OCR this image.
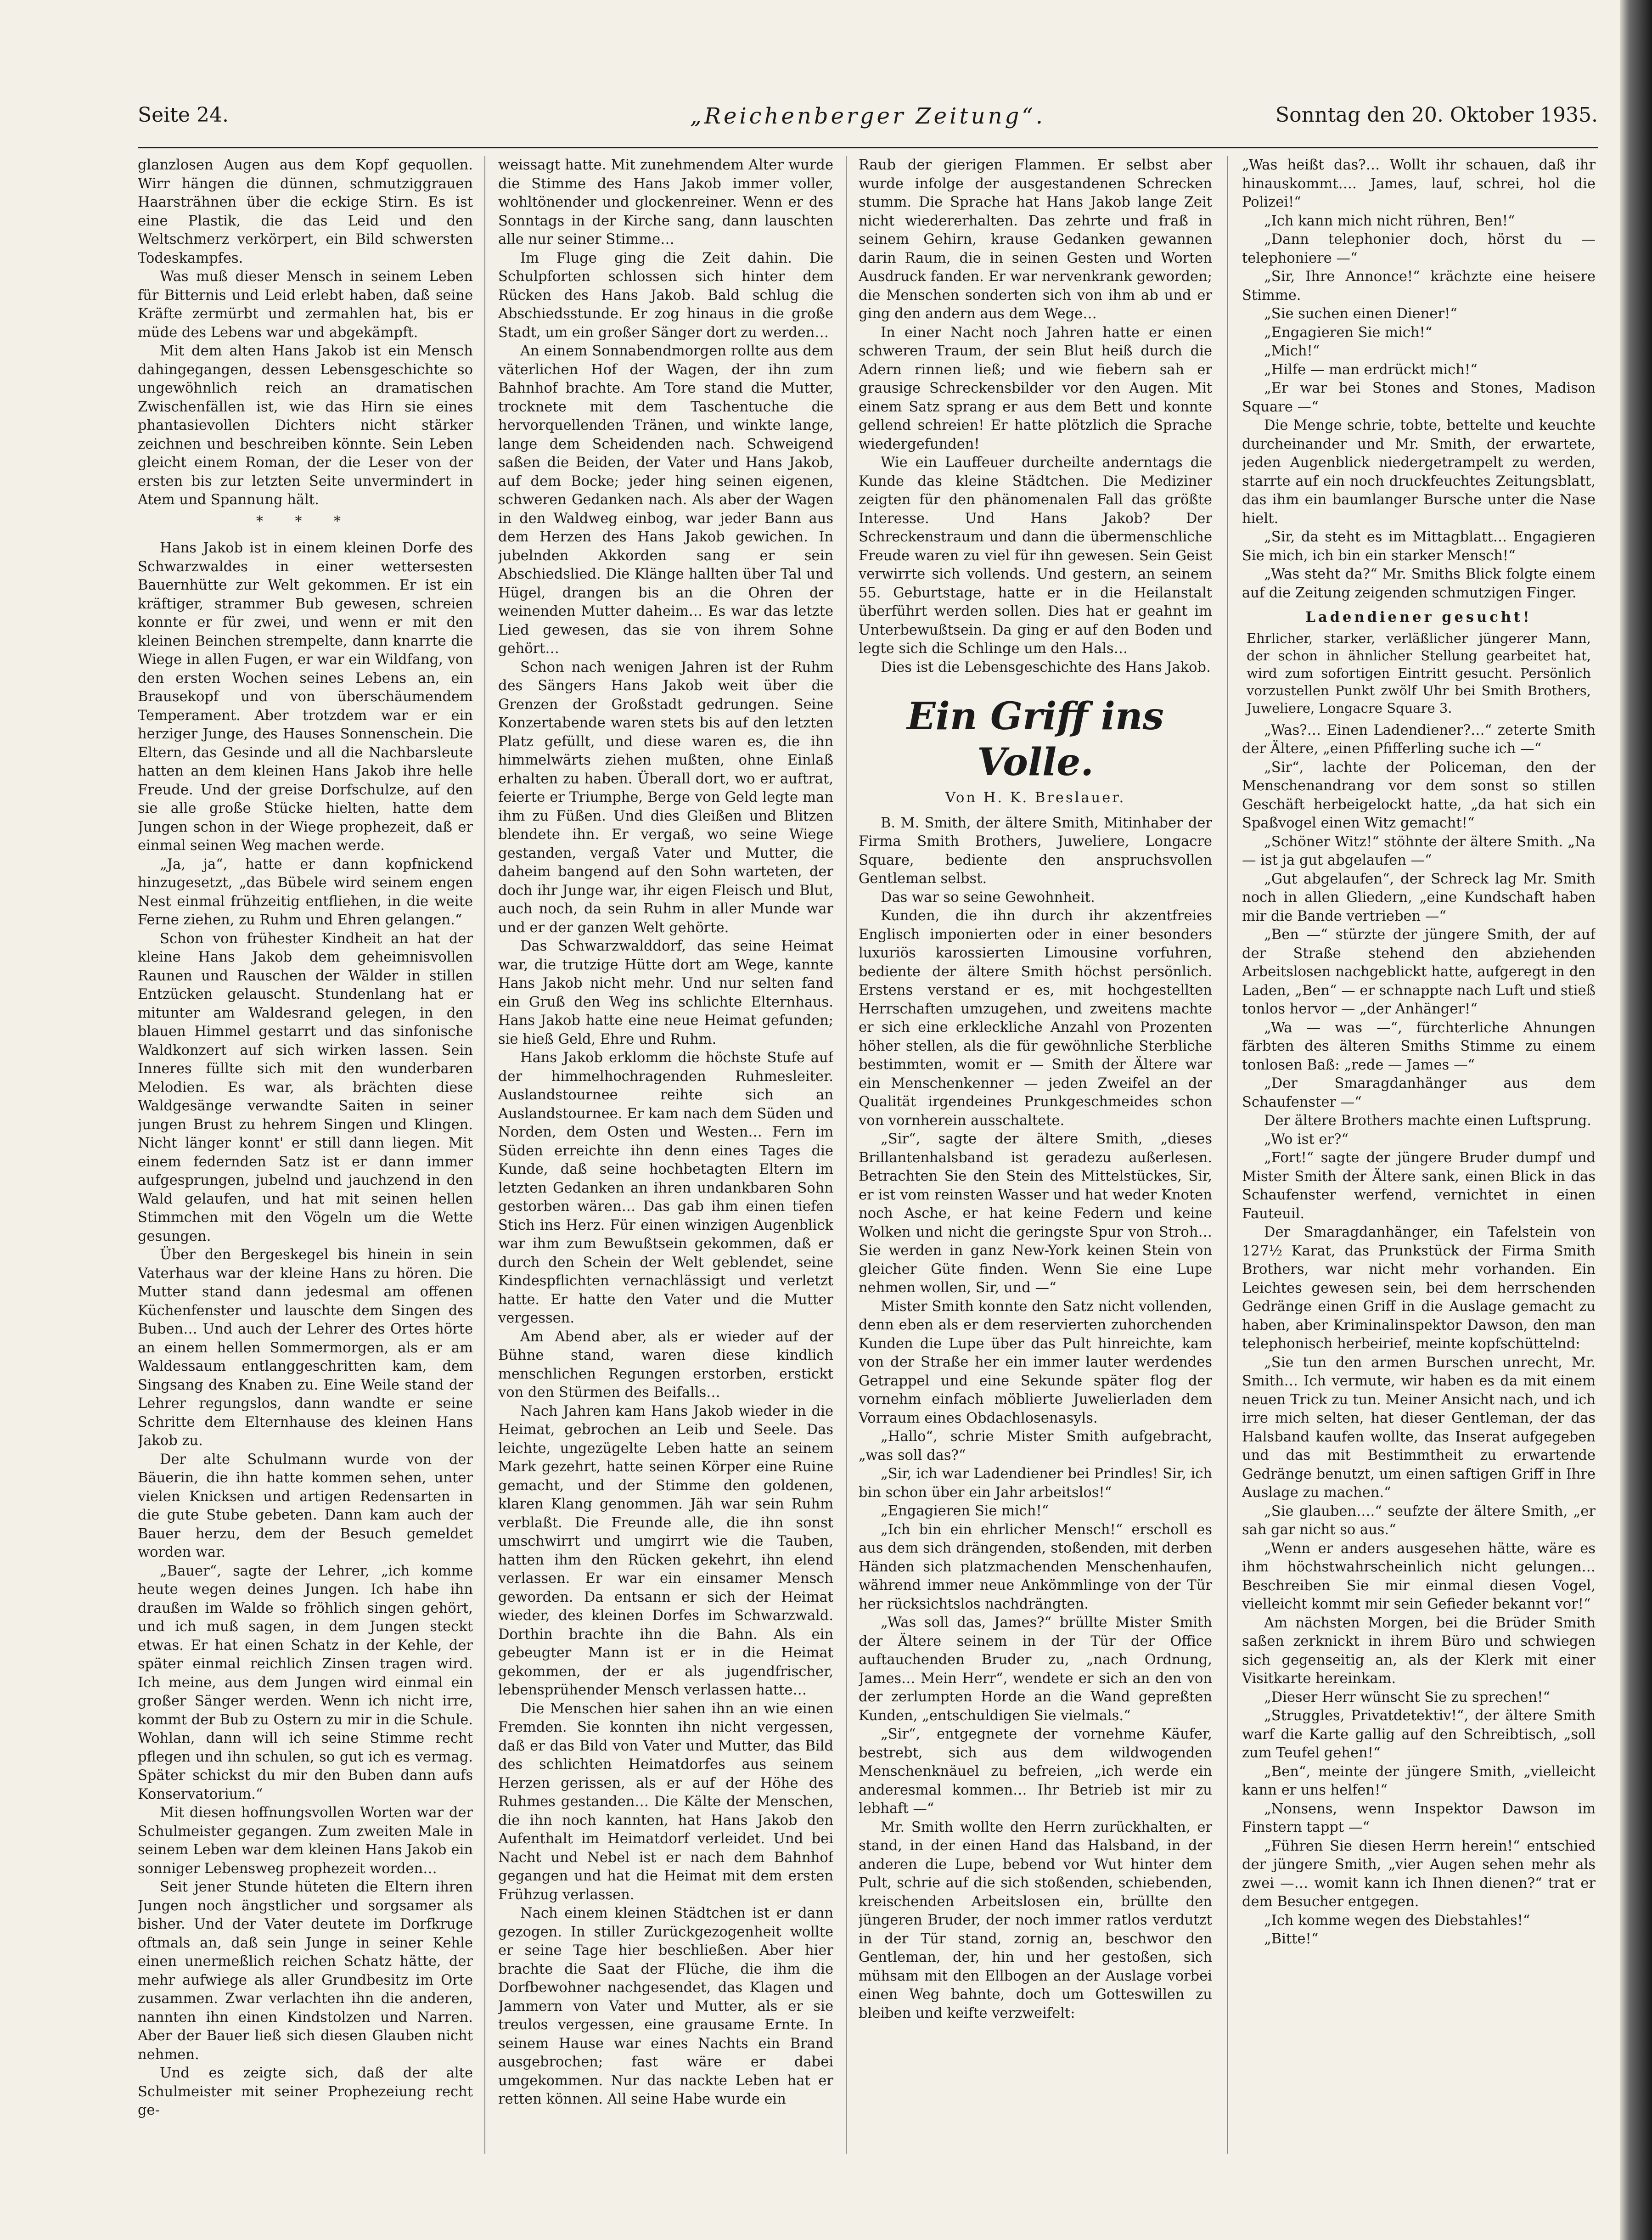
Seite 24.	„Reichenberger Zeitung“.	Sonntag den 20. Oktober 1935.

glanzlosen Augen aus dem Kopf gequollen. Wirr hängen die dünnen, schmutziggrauen Haarsträhnen über die eckige Stirn. Es ist eine Plastik, die das Leid und den Weltschmerz verkörpert, ein Bild schwersten Todeskampfes.

Was muß dieser Mensch in seinem Leben für Bitternis und Leid erlebt haben, daß seine Kräfte zermürbt und zermahlen hat, bis er müde des Lebens war und abgekämpft.

Mit dem alten Hans Jakob ist ein Mensch dahingegangen, dessen Lebensgeschichte so ungewöhnlich reich an dramatischen Zwischenfällen ist, wie das Hirn sie eines phantasievollen Dichters nicht stärker zeichnen und beschreiben könnte. Sein Leben gleicht einem Roman, der die Leser von der ersten bis zur letzten Seite unvermindert in Atem und Spannung hält.

* * *

Hans Jakob ist in einem kleinen Dorfe des Schwarzwaldes in einer wettersesten Bauernhütte zur Welt gekommen. Er ist ein kräftiger, strammer Bub gewesen, schreien konnte er für zwei, und wenn er mit den kleinen Beinchen strempelte, dann knarrte die Wiege in allen Fugen, er war ein Wildfang, von den ersten Wochen seines Lebens an, ein Brausekopf und von überschäumendem Temperament. Aber trotzdem war er ein herziger Junge, des Hauses Sonnenschein. Die Eltern, das Gesinde und all die Nachbarsleute hatten an dem kleinen Hans Jakob ihre helle Freude. Und der greise Dorfschulze, auf den sie alle große Stücke hielten, hatte dem Jungen schon in der Wiege prophezeit, daß er einmal seinen Weg machen werde.

„Ja, ja“, hatte er dann kopfnickend hinzugesetzt, „das Bübele wird seinem engen Nest einmal frühzeitig entfliehen, in die weite Ferne ziehen, zu Ruhm und Ehren gelangen.“

Schon von frühester Kindheit an hat der kleine Hans Jakob dem geheimnisvollen Raunen und Rauschen der Wälder in stillen Entzücken gelauscht. Stundenlang hat er mitunter am Waldesrand gelegen, in den blauen Himmel gestarrt und das sinfonische Waldkonzert auf sich wirken lassen. Sein Inneres füllte sich mit den wunderbaren Melodien. Es war, als brächten diese Waldgesänge verwandte Saiten in seiner jungen Brust zu hehrem Singen und Klingen. Nicht länger konnt' er still dann liegen. Mit einem federnden Satz ist er dann immer aufgesprungen, jubelnd und jauchzend in den Wald gelaufen, und hat mit seinen hellen Stimmchen mit den Vögeln um die Wette gesungen.

Über den Bergeskegel bis hinein in sein Vaterhaus war der kleine Hans zu hören. Die Mutter stand dann jedesmal am offenen Küchenfenster und lauschte dem Singen des Buben… Und auch der Lehrer des Ortes hörte an einem hellen Sommermorgen, als er am Waldessaum entlanggeschritten kam, dem Singsang des Knaben zu. Eine Weile stand der Lehrer regungslos, dann wandte er seine Schritte dem Elternhause des kleinen Hans Jakob zu.

Der alte Schulmann wurde von der Bäuerin, die ihn hatte kommen sehen, unter vielen Knicksen und artigen Redensarten in die gute Stube gebeten. Dann kam auch der Bauer herzu, dem der Besuch gemeldet worden war.

„Bauer“, sagte der Lehrer, „ich komme heute wegen deines Jungen. Ich habe ihn draußen im Walde so fröhlich singen gehört, und ich muß sagen, in dem Jungen steckt etwas. Er hat einen Schatz in der Kehle, der später einmal reichlich Zinsen tragen wird. Ich meine, aus dem Jungen wird einmal ein großer Sänger werden. Wenn ich nicht irre, kommt der Bub zu Ostern zu mir in die Schule. Wohlan, dann will ich seine Stimme recht pflegen und ihn schulen, so gut ich es vermag. Später schickst du mir den Buben dann aufs Konservatorium.“

Mit diesen hoffnungsvollen Worten war der Schulmeister gegangen. Zum zweiten Male in seinem Leben war dem kleinen Hans Jakob ein sonniger Lebensweg prophezeit worden…

Seit jener Stunde hüteten die Eltern ihren Jungen noch ängstlicher und sorgsamer als bisher. Und der Vater deutete im Dorfkruge oftmals an, daß sein Junge in seiner Kehle einen unermeßlich reichen Schatz hätte, der mehr aufwiege als aller Grundbesitz im Orte zusammen. Zwar verlachten ihn die anderen, nannten ihn einen Kindstolzen und Narren. Aber der Bauer ließ sich diesen Glauben nicht nehmen.

Und es zeigte sich, daß der alte Schulmeister mit seiner Prophezeiung recht ge-

weissagt hatte. Mit zunehmendem Alter wurde die Stimme des Hans Jakob immer voller, wohltönender und glockenreiner. Wenn er des Sonntags in der Kirche sang, dann lauschten alle nur seiner Stimme…

Im Fluge ging die Zeit dahin. Die Schulpforten schlossen sich hinter dem Rücken des Hans Jakob. Bald schlug die Abschiedsstunde. Er zog hinaus in die große Stadt, um ein großer Sänger dort zu werden…

An einem Sonnabendmorgen rollte aus dem väterlichen Hof der Wagen, der ihn zum Bahnhof brachte. Am Tore stand die Mutter, trocknete mit dem Taschentuche die hervorquellenden Tränen, und winkte lange, lange dem Scheidenden nach. Schweigend saßen die Beiden, der Vater und Hans Jakob, auf dem Bocke; jeder hing seinen eigenen, schweren Gedanken nach. Als aber der Wagen in den Waldweg einbog, war jeder Bann aus dem Herzen des Hans Jakob gewichen. In jubelnden Akkorden sang er sein Abschiedslied. Die Klänge hallten über Tal und Hügel, drangen bis an die Ohren der weinenden Mutter daheim… Es war das letzte Lied gewesen, das sie von ihrem Sohne gehört…

Schon nach wenigen Jahren ist der Ruhm des Sängers Hans Jakob weit über die Grenzen der Großstadt gedrungen. Seine Konzertabende waren stets bis auf den letzten Platz gefüllt, und diese waren es, die ihn himmelwärts ziehen mußten, ohne Einlaß erhalten zu haben. Überall dort, wo er auftrat, feierte er Triumphe, Berge von Geld legte man ihm zu Füßen. Und dies Gleißen und Blitzen blendete ihn. Er vergaß, wo seine Wiege gestanden, vergaß Vater und Mutter, die daheim bangend auf den Sohn warteten, der doch ihr Junge war, ihr eigen Fleisch und Blut, auch noch, da sein Ruhm in aller Munde war und er der ganzen Welt gehörte.

Das Schwarzwalddorf, das seine Heimat war, die trutzige Hütte dort am Wege, kannte Hans Jakob nicht mehr. Und nur selten fand ein Gruß den Weg ins schlichte Elternhaus. Hans Jakob hatte eine neue Heimat gefunden; sie hieß Geld, Ehre und Ruhm.

Hans Jakob erklomm die höchste Stufe auf der himmelhochragenden Ruhmesleiter. Auslandstournee reihte sich an Auslandstournee. Er kam nach dem Süden und Norden, dem Osten und Westen… Fern im Süden erreichte ihn denn eines Tages die Kunde, daß seine hochbetagten Eltern im letzten Gedanken an ihren undankbaren Sohn gestorben wären… Das gab ihm einen tiefen Stich ins Herz. Für einen winzigen Augenblick war ihm zum Bewußtsein gekommen, daß er durch den Schein der Welt geblendet, seine Kindespflichten vernachlässigt und verletzt hatte. Er hatte den Vater und die Mutter vergessen.

Am Abend aber, als er wieder auf der Bühne stand, waren diese kindlich menschlichen Regungen erstorben, erstickt von den Stürmen des Beifalls…

Nach Jahren kam Hans Jakob wieder in die Heimat, gebrochen an Leib und Seele. Das leichte, ungezügelte Leben hatte an seinem Mark gezehrt, hatte seinen Körper eine Ruine gemacht, und der Stimme den goldenen, klaren Klang genommen. Jäh war sein Ruhm verblaßt. Die Freunde alle, die ihn sonst umschwirrt und umgirrt wie die Tauben, hatten ihm den Rücken gekehrt, ihn elend verlassen. Er war ein einsamer Mensch geworden. Da entsann er sich der Heimat wieder, des kleinen Dorfes im Schwarzwald. Dorthin brachte ihn die Bahn. Als ein gebeugter Mann ist er in die Heimat gekommen, der er als jugendfrischer, lebensprühender Mensch verlassen hatte…

Die Menschen hier sahen ihn an wie einen Fremden. Sie konnten ihn nicht vergessen, daß er das Bild von Vater und Mutter, das Bild des schlichten Heimatdorfes aus seinem Herzen gerissen, als er auf der Höhe des Ruhmes gestanden… Die Kälte der Menschen, die ihn noch kannten, hat Hans Jakob den Aufenthalt im Heimatdorf verleidet. Und bei Nacht und Nebel ist er nach dem Bahnhof gegangen und hat die Heimat mit dem ersten Frühzug verlassen.

Nach einem kleinen Städtchen ist er dann gezogen. In stiller Zurückgezogenheit wollte er seine Tage hier beschließen. Aber hier brachte die Saat der Flüche, die ihm die Dorfbewohner nachgesendet, das Klagen und Jammern von Vater und Mutter, als er sie treulos vergessen, eine grausame Ernte. In seinem Hause war eines Nachts ein Brand ausgebrochen; fast wäre er dabei umgekommen. Nur das nackte Leben hat er retten können. All seine Habe wurde ein

Raub der gierigen Flammen. Er selbst aber wurde infolge der ausgestandenen Schrecken stumm. Die Sprache hat Hans Jakob lange Zeit nicht wiedererhalten. Das zehrte und fraß in seinem Gehirn, krause Gedanken gewannen darin Raum, die in seinen Gesten und Worten Ausdruck fanden. Er war nervenkrank geworden; die Menschen sonderten sich von ihm ab und er ging den andern aus dem Wege…

In einer Nacht noch Jahren hatte er einen schweren Traum, der sein Blut heiß durch die Adern rinnen ließ; und wie fiebern sah er grausige Schreckensbilder vor den Augen. Mit einem Satz sprang er aus dem Bett und konnte gellend schreien! Er hatte plötzlich die Sprache wiedergefunden!

Wie ein Lauffeuer durcheilte anderntags die Kunde das kleine Städtchen. Die Mediziner zeigten für den phänomenalen Fall das größte Interesse. Und Hans Jakob? Der Schreckenstraum und dann die übermenschliche Freude waren zu viel für ihn gewesen. Sein Geist verwirrte sich vollends. Und gestern, an seinem 55. Geburtstage, hatte er in die Heilanstalt überführt werden sollen. Dies hat er geahnt im Unterbewußtsein. Da ging er auf den Boden und legte sich die Schlinge um den Hals…

Dies ist die Lebensgeschichte des Hans Jakob.

Ein Griff ins Volle.
Von H. K. Breslauer.

B. M. Smith, der ältere Smith, Mitinhaber der Firma Smith Brothers, Juweliere, Longacre Square, bediente den anspruchsvollen Gentleman selbst.

Das war so seine Gewohnheit.

Kunden, die ihn durch ihr akzentfreies Englisch imponierten oder in einer besonders luxuriös karossierten Limousine vorfuhren, bediente der ältere Smith höchst persönlich. Erstens verstand er es, mit hochgestellten Herrschaften umzugehen, und zweitens machte er sich eine erkleckliche Anzahl von Prozenten höher stellen, als die für gewöhnliche Sterbliche bestimmten, womit er — Smith der Ältere war ein Menschenkenner — jeden Zweifel an der Qualität irgendeines Prunkgeschmeides schon von vornherein ausschaltete.

„Sir“, sagte der ältere Smith, „dieses Brillantenhalsband ist geradezu außerlesen. Betrachten Sie den Stein des Mittelstückes, Sir, er ist vom reinsten Wasser und hat weder Knoten noch Asche, er hat keine Federn und keine Wolken und nicht die geringste Spur von Stroh… Sie werden in ganz New-York keinen Stein von gleicher Güte finden. Wenn Sie eine Lupe nehmen wollen, Sir, und —“

Mister Smith konnte den Satz nicht vollenden, denn eben als er dem reservierten zuhorchenden Kunden die Lupe über das Pult hinreichte, kam von der Straße her ein immer lauter werdendes Getrappel und eine Sekunde später flog der vornehm einfach möblierte Juwelierladen dem Vorraum eines Obdachlosenasyls.

„Hallo“, schrie Mister Smith aufgebracht, „was soll das?“

„Sir, ich war Ladendiener bei Prindles! Sir, ich bin schon über ein Jahr arbeitslos!“

„Engagieren Sie mich!“

„Ich bin ein ehrlicher Mensch!“ erscholl es aus dem sich drängenden, stoßenden, mit derben Händen sich platzmachenden Menschenhaufen, während immer neue Ankömmlinge von der Tür her rücksichtslos nachdrängten.

„Was soll das, James?“ brüllte Mister Smith der Ältere seinem in der Tür der Office auftauchenden Bruder zu, „nach Ordnung, James… Mein Herr“, wendete er sich an den von der zerlumpten Horde an die Wand gepreßten Kunden, „entschuldigen Sie vielmals.“

„Sir“, entgegnete der vornehme Käufer, bestrebt, sich aus dem wildwogenden Menschenknäuel zu befreien, „ich werde ein anderesmal kommen… Ihr Betrieb ist mir zu lebhaft —“

Mr. Smith wollte den Herrn zurückhalten, er stand, in der einen Hand das Halsband, in der anderen die Lupe, bebend vor Wut hinter dem Pult, schrie auf die sich stoßenden, schiebenden, kreischenden Arbeitslosen ein, brüllte den jüngeren Bruder, der noch immer ratlos verdutzt in der Tür stand, zornig an, beschwor den Gentleman, der, hin und her gestoßen, sich mühsam mit den Ellbogen an der Auslage vorbei einen Weg bahnte, doch um Gotteswillen zu bleiben und keifte verzweifelt:

„Was heißt das?… Wollt ihr schauen, daß ihr hinauskommt…. James, lauf, schrei, hol die Polizei!“

„Ich kann mich nicht rühren, Ben!“

„Dann telephonier doch, hörst du — telephoniere —“

„Sir, Ihre Annonce!“ krächzte eine heisere Stimme.

„Sie suchen einen Diener!“

„Engagieren Sie mich!“

„Mich!“

„Hilfe — man erdrückt mich!“

„Er war bei Stones and Stones, Madison Square —“

Die Menge schrie, tobte, bettelte und keuchte durcheinander und Mr. Smith, der erwartete, jeden Augenblick niedergetrampelt zu werden, starrte auf ein noch druckfeuchtes Zeitungsblatt, das ihm ein baumlanger Bursche unter die Nase hielt.

„Sir, da steht es im Mittagblatt… Engagieren Sie mich, ich bin ein starker Mensch!“

„Was steht da?“ Mr. Smiths Blick folgte einem auf die Zeitung zeigenden schmutzigen Finger.

Ladendiener gesucht!
Ehrlicher, starker, verläßlicher jüngerer Mann, der schon in ähnlicher Stellung gearbeitet hat, wird zum sofortigen Eintritt gesucht. Persönlich vorzustellen Punkt zwölf Uhr bei Smith Brothers, Juweliere, Longacre Square 3.

„Was?… Einen Ladendiener?…“ zeterte Smith der Ältere, „einen Pfifferling suche ich —“

„Sir“, lachte der Policeman, den der Menschenandrang vor dem sonst so stillen Geschäft herbeigelockt hatte, „da hat sich ein Spaßvogel einen Witz gemacht!“

„Schöner Witz!“ stöhnte der ältere Smith. „Na — ist ja gut abgelaufen —“

„Gut abgelaufen“, der Schreck lag Mr. Smith noch in allen Gliedern, „eine Kundschaft haben mir die Bande vertrieben —“

„Ben —“ stürzte der jüngere Smith, der auf der Straße stehend den abziehenden Arbeitslosen nachgeblickt hatte, aufgeregt in den Laden, „Ben“ — er schnappte nach Luft und stieß tonlos hervor — „der Anhänger!“

„Wa — was —“, fürchterliche Ahnungen färbten des älteren Smiths Stimme zu einem tonlosen Baß: „rede — James —“

„Der Smaragdanhänger aus dem Schaufenster —“

Der ältere Brothers machte einen Luftsprung.

„Wo ist er?“

„Fort!“ sagte der jüngere Bruder dumpf und Mister Smith der Ältere sank, einen Blick in das Schaufenster werfend, vernichtet in einen Fauteuil.

Der Smaragdanhänger, ein Tafelstein von 127½ Karat, das Prunkstück der Firma Smith Brothers, war nicht mehr vorhanden. Ein Leichtes gewesen sein, bei dem herrschenden Gedränge einen Griff in die Auslage gemacht zu haben, aber Kriminalinspektor Dawson, den man telephonisch herbeirief, meinte kopfschüttelnd:

„Sie tun den armen Burschen unrecht, Mr. Smith… Ich vermute, wir haben es da mit einem neuen Trick zu tun. Meiner Ansicht nach, und ich irre mich selten, hat dieser Gentleman, der das Halsband kaufen wollte, das Inserat aufgegeben und das mit Bestimmtheit zu erwartende Gedränge benutzt, um einen saftigen Griff in Ihre Auslage zu machen.“

„Sie glauben….“ seufzte der ältere Smith, „er sah gar nicht so aus.“

„Wenn er anders ausgesehen hätte, wäre es ihm höchstwahrscheinlich nicht gelungen… Beschreiben Sie mir einmal diesen Vogel, vielleicht kommt mir sein Gefieder bekannt vor!“

Am nächsten Morgen, bei die Brüder Smith saßen zerknickt in ihrem Büro und schwiegen sich gegenseitig an, als der Klerk mit einer Visitkarte hereinkam.

„Dieser Herr wünscht Sie zu sprechen!“

„Struggles, Privatdetektiv!“, der ältere Smith warf die Karte gallig auf den Schreibtisch, „soll zum Teufel gehen!“

„Ben“, meinte der jüngere Smith, „vielleicht kann er uns helfen!“

„Nonsens, wenn Inspektor Dawson im Finstern tappt —“

„Führen Sie diesen Herrn herein!“ entschied der jüngere Smith, „vier Augen sehen mehr als zwei —… womit kann ich Ihnen dienen?“ trat er dem Besucher entgegen.

„Ich komme wegen des Diebstahles!“

„Bitte!“
